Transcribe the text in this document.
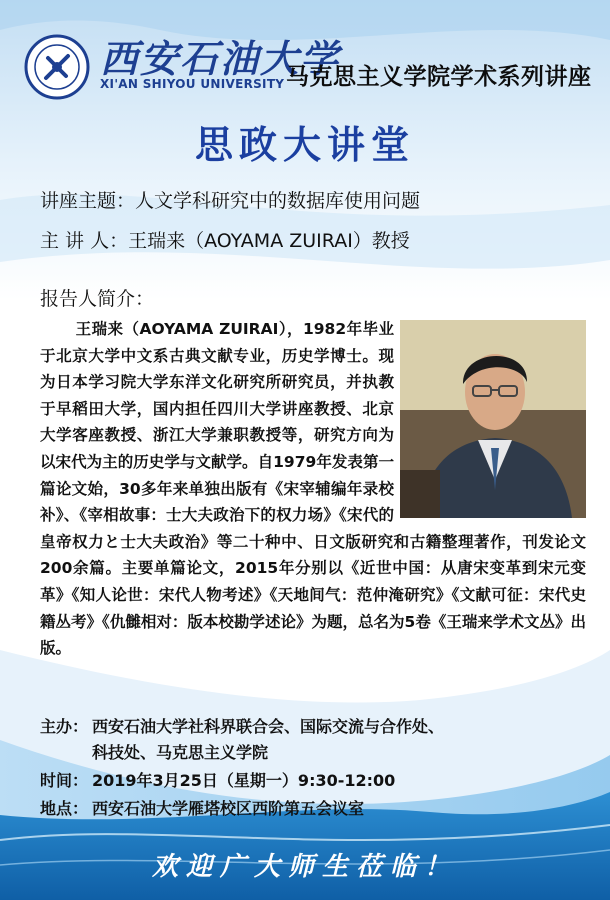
西安石油大学
XI'AN SHIYOU UNIVERSITY 马克思主义学院学术系列讲座
思政大讲堂
讲座主题：人文学科研究中的数据库使用问题
主 讲 人：王瑞来（AOYAMA ZUIRAI）教授
报告人简介：

王瑞来（AOYAMA ZUIRAI），1982年毕业于北京大学中文系古典文献专业，历史学博士。现为日本学习院大学东洋文化研究所研究员，并执教于早稻田大学，国内担任四川大学讲座教授、北京大学客座教授、浙江大学兼职教授等，研究方向为以宋代为主的历史学与文献学。自1979年发表第一篇论文始，30多年来单独出版有《宋宰辅编年录校补》、《宰相故事：士大夫政治下的权力场》《宋代的皇帝权力と士大夫政治》等二十种中、日文版研究和古籍整理著作，刊发论文200余篇。主要单篇论文，2015年分别以《近世中国：从唐宋变革到宋元变革》《知人论世：宋代人物考述》《天地间气：范仲淹研究》《文献可征：宋代史籍丛考》《仇雠相对：版本校勘学述论》为题，总名为5卷《王瑞来学术文丛》出版。

主办： 西安石油大学社科界联合会、国际交流与合作处、
科技处、马克思主义学院
时间： 2019年3月25日（星期一）9:30-12:00
地点： 西安石油大学雁塔校区西阶第五会议室
欢迎广大师生莅临！
